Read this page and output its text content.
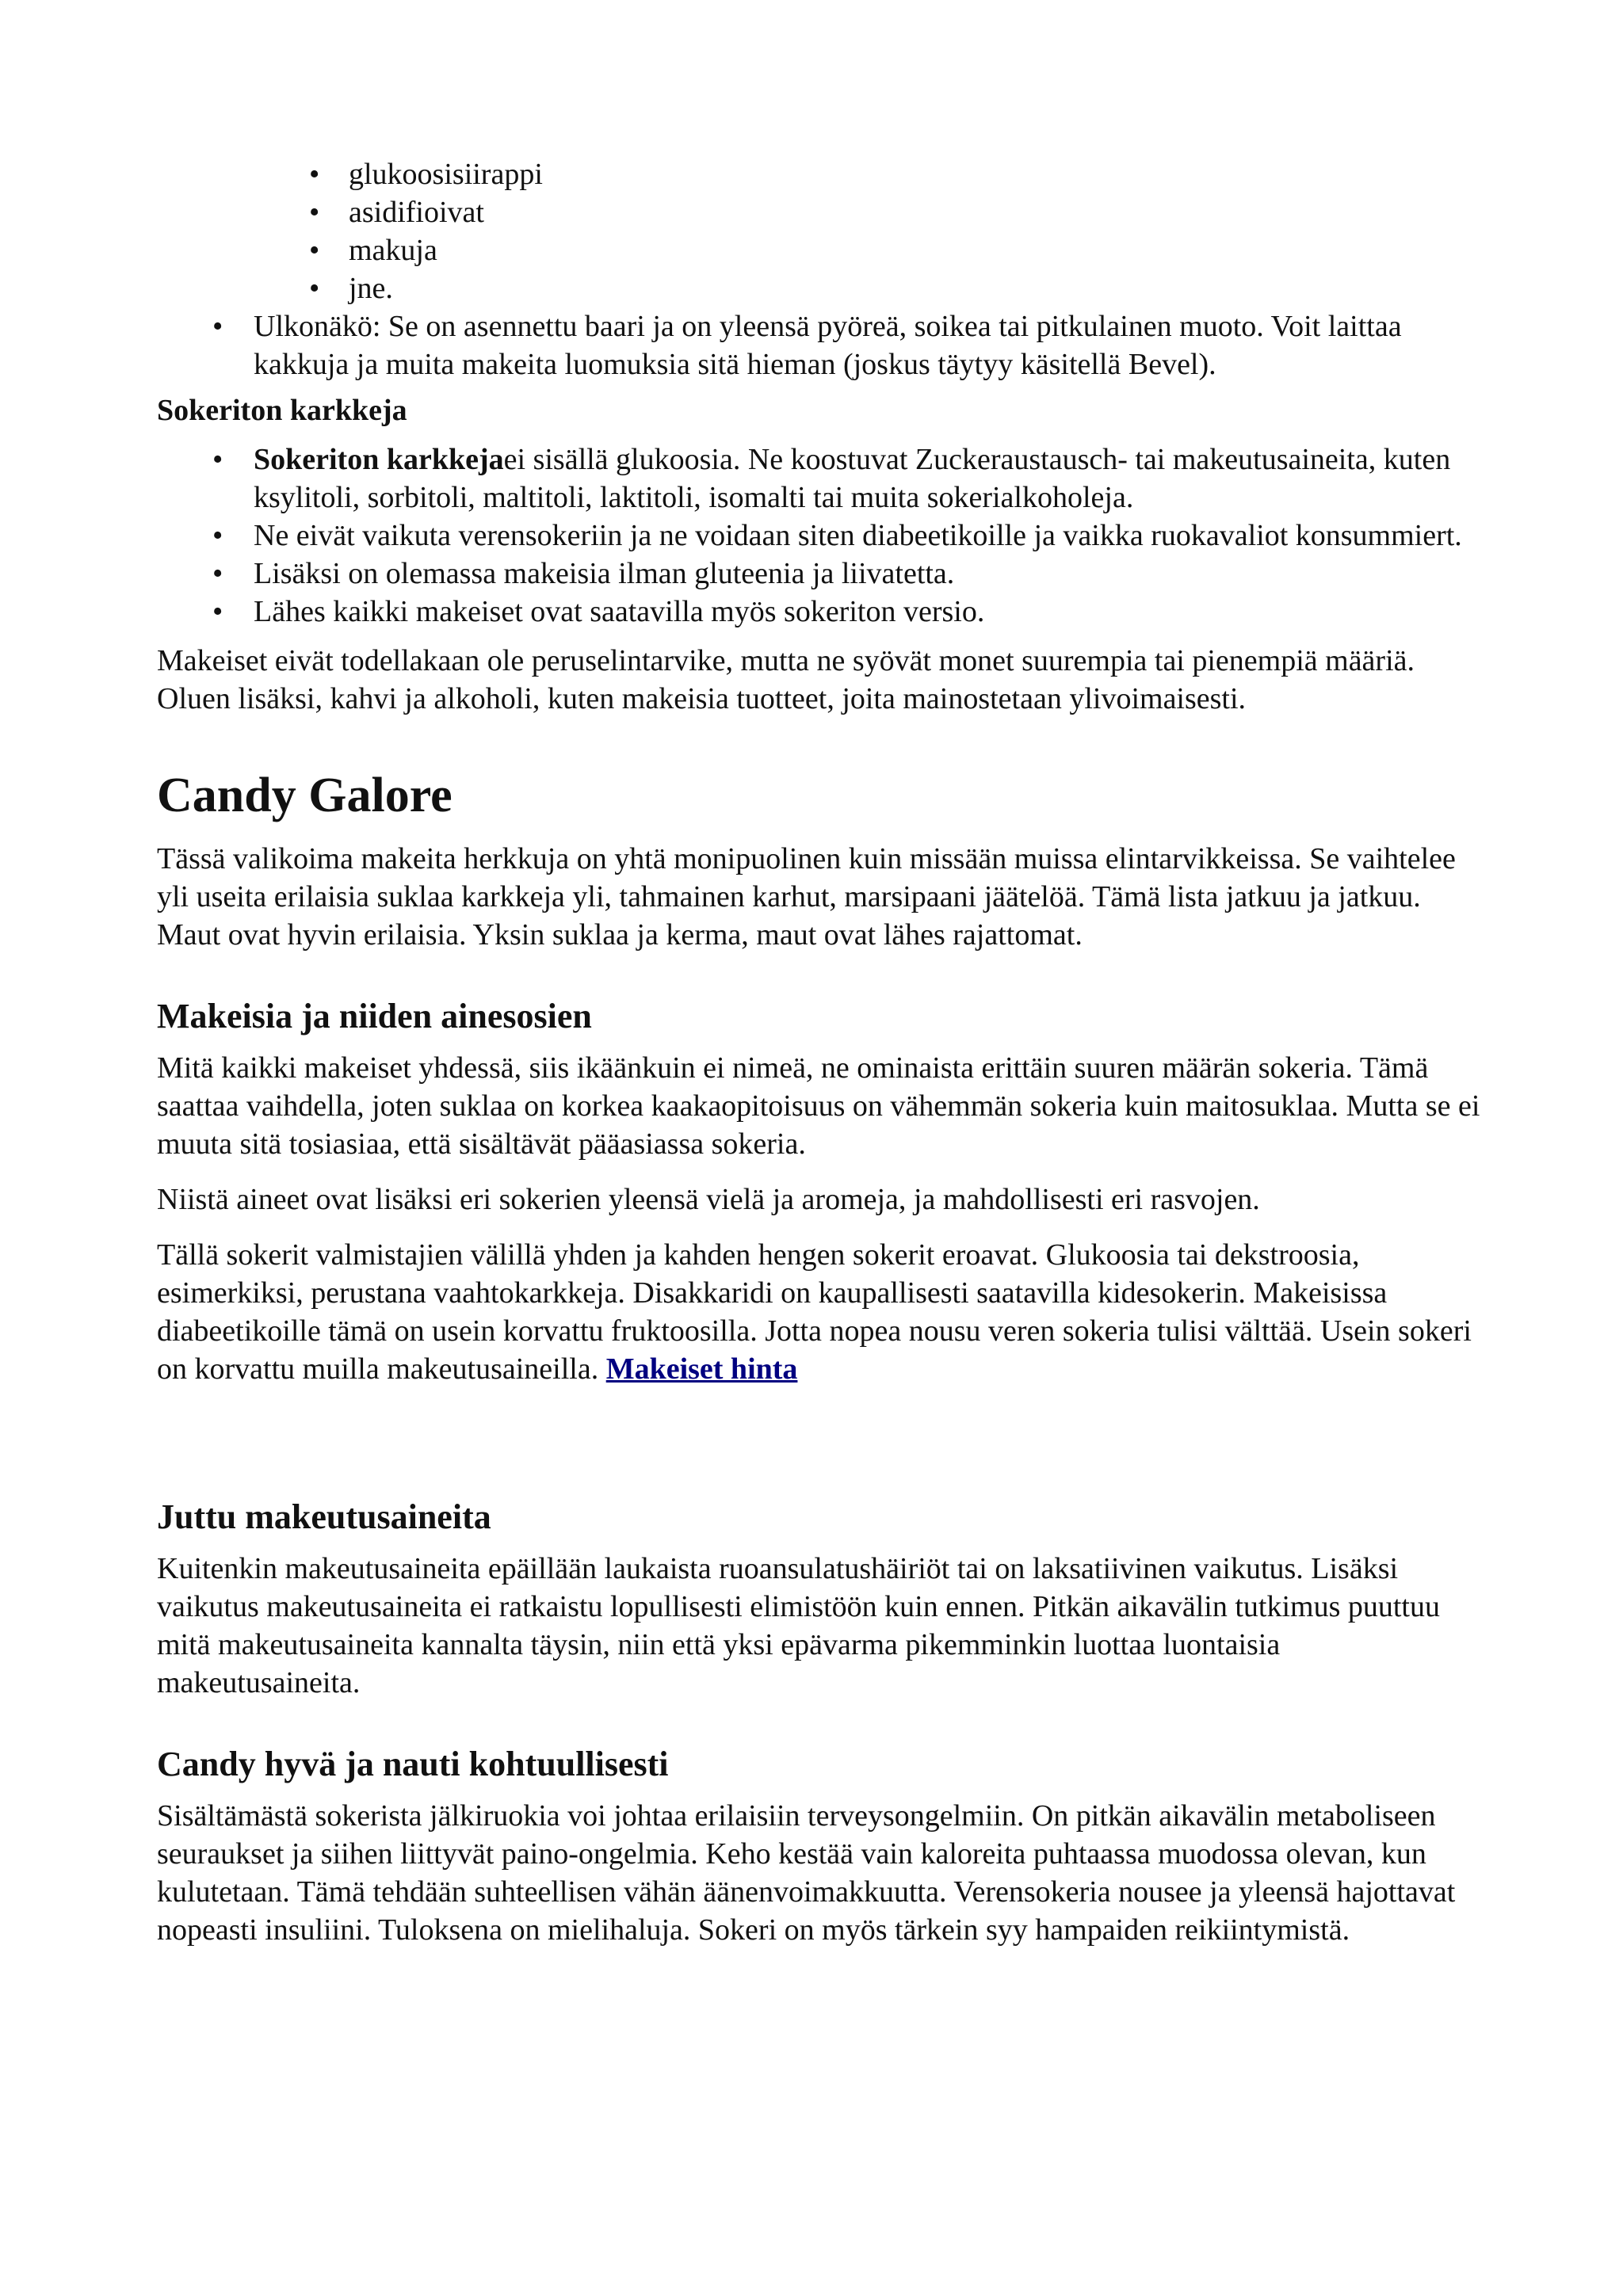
• glukoosisiirappi
• asidifioivat
• makuja
• jne.
• Ulkonäkö: Se on asennettu baari ja on yleensä pyöreä, soikea tai pitkulainen muoto. Voit laittaa kakkuja ja muita makeita luomuksia sitä hieman (joskus täytyy käsitellä Bevel).
Sokeriton karkkeja
• Sokeriton karkkejaei sisällä glukoosia. Ne koostuvat Zuckeraustausch- tai makeutusaineita, kuten ksylitoli, sorbitoli, maltitoli, laktitoli, isomalti tai muita sokerialkoholeja.
• Ne eivät vaikuta verensokeriin ja ne voidaan siten diabeetikoille ja vaikka ruokavaliot konsummiert.
• Lisäksi on olemassa makeisia ilman gluteenia ja liivatetta.
• Lähes kaikki makeiset ovat saatavilla myös sokeriton versio.

Makeiset eivät todellakaan ole peruselintarvike, mutta ne syövät monet suurempia tai pienempiä määriä. Oluen lisäksi, kahvi ja alkoholi, kuten makeisia tuotteet, joita mainostetaan ylivoimaisesti.

Candy Galore

Tässä valikoima makeita herkkuja on yhtä monipuolinen kuin missään muissa elintarvikkeissa. Se vaihtelee yli useita erilaisia suklaa karkkeja yli, tahmainen karhut, marsipaani jäätelöä. Tämä lista jatkuu ja jatkuu. Maut ovat hyvin erilaisia. Yksin suklaa ja kerma, maut ovat lähes rajattomat.

Makeisia ja niiden ainesosien

Mitä kaikki makeiset yhdessä, siis ikäänkuin ei nimeä, ne ominaista erittäin suuren määrän sokeria. Tämä saattaa vaihdella, joten suklaa on korkea kaakaopitoisuus on vähemmän sokeria kuin maitosuklaa. Mutta se ei muuta sitä tosiasiaa, että sisältävät pääasiassa sokeria.

Niistä aineet ovat lisäksi eri sokerien yleensä vielä ja aromeja, ja mahdollisesti eri rasvojen.

Tällä sokerit valmistajien välillä yhden ja kahden hengen sokerit eroavat. Glukoosia tai dekstroosia, esimerkiksi, perustana vaahtokarkkeja. Disakkaridi on kaupallisesti saatavilla kidesokerin. Makeisissa diabeetikoille tämä on usein korvattu fruktoosilla. Jotta nopea nousu veren sokeria tulisi välttää. Usein sokeri on korvattu muilla makeutusaineilla. Makeiset hinta

Juttu makeutusaineita

Kuitenkin makeutusaineita epäillään laukaista ruoansulatushäiriöt tai on laksatiivinen vaikutus. Lisäksi vaikutus makeutusaineita ei ratkaistu lopullisesti elimistöön kuin ennen. Pitkän aikavälin tutkimus puuttuu mitä makeutusaineita kannalta täysin, niin että yksi epävarma pikemminkin luottaa luontaisia makeutusaineita.

Candy hyvä ja nauti kohtuullisesti

Sisältämästä sokerista jälkiruokia voi johtaa erilaisiin terveysongelmiin. On pitkän aikavälin metaboliseen seuraukset ja siihen liittyvät paino-ongelmia. Keho kestää vain kaloreita puhtaassa muodossa olevan, kun kulutetaan. Tämä tehdään suhteellisen vähän äänenvoimakkuutta. Verensokeria nousee ja yleensä hajottavat nopeasti insuliini. Tuloksena on mielihaluja. Sokeri on myös tärkein syy hampaiden reikiintymistä.
